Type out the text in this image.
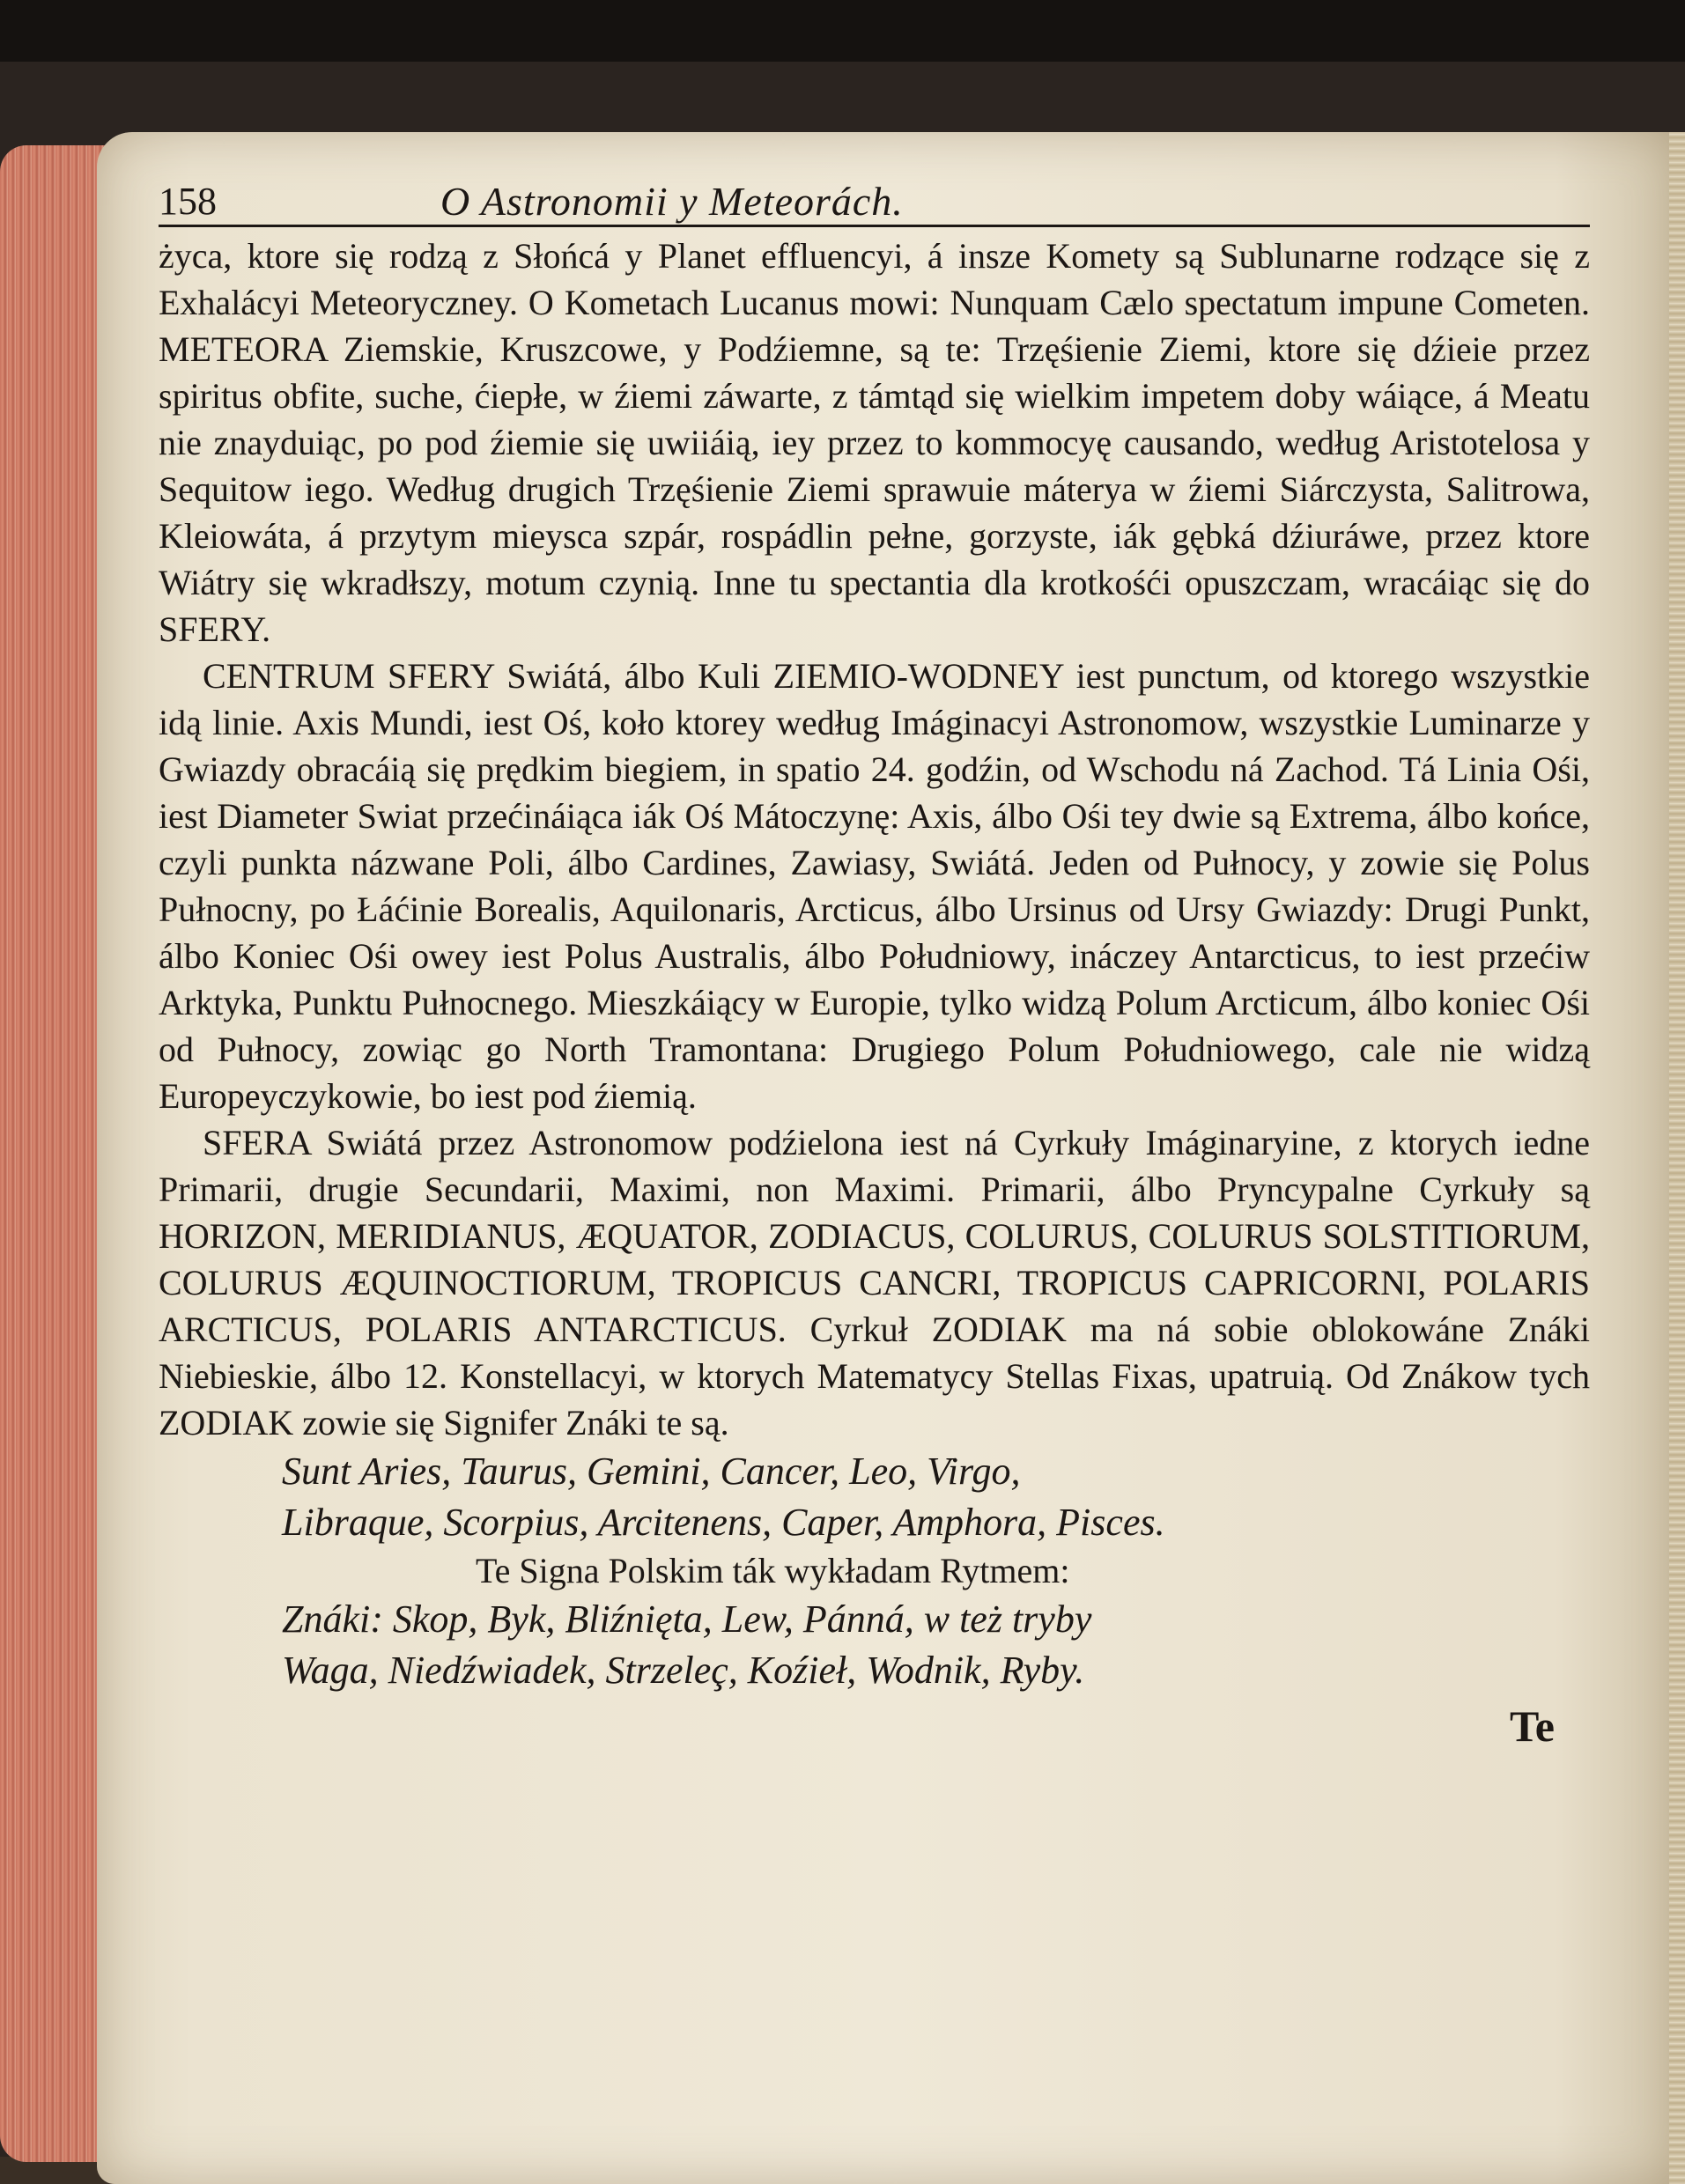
158	O Astronomii y Meteorách.

życa, ktore się rodzą z Słońcá y Planet effluencyi, á insze Komety są Sublunarne rodzące się z Exhalácyi Meteoryczney. O Kometach Lucanus mowi: Nunquam Cælo spectatum impune Cometen. METEORA Ziemskie, Kruszcowe, y Podźiemne, są te: Trzęśienie Ziemi, ktore się dźieie przez spiritus obfite, suche, ćiepłe, w źiemi záwarte, z támtąd się wielkim impetem doby wáiące, á Meatu nie znayduiąc, po pod źiemie się uwiiáią, iey przez to kommocyę causando, według Aristotelosa y Sequitow iego. Według drugich Trzęśienie Ziemi sprawuie máterya w źiemi Siárczysta, Salitrowa, Kleiowáta, á przytym mieysca szpár, rospádlin pełne, gorzyste, iák gębká dźiuráwe, przez ktore Wiátry się wkradłszy, motum czynią. Inne tu spectantia dla krotkośći opuszczam, wracáiąc się do SFERY.

CENTRUM SFERY Swiátá, álbo Kuli ZIEMIO-WODNEY iest punctum, od ktorego wszystkie idą linie. Axis Mundi, iest Oś, koło ktorey według Imáginacyi Astronomow, wszystkie Luminarze y Gwiazdy obracáią się prędkim biegiem, in spatio 24. godźin, od Wschodu ná Zachod. Tá Linia Ośi, iest Diameter Swiat przećináiąca iák Oś Mátoczynę: Axis, álbo Ośi tey dwie są Extrema, álbo końce, czyli punkta názwane Poli, álbo Cardines, Zawiasy, Swiátá. Jeden od Pułnocy, y zowie się Polus Pułnocny, po Łáćinie Borealis, Aquilonaris, Arcticus, álbo Ursinus od Ursy Gwiazdy: Drugi Punkt, álbo Koniec Ośi owey iest Polus Australis, álbo Południowy, ináczey Antarcticus, to iest przećiw Arktyka, Punktu Pułnocnego. Mieszkáiący w Europie, tylko widzą Polum Arcticum, álbo koniec Ośi od Pułnocy, zowiąc go North Tramontana: Drugiego Polum Południowego, cale nie widzą Europeyczykowie, bo iest pod źiemią.

SFERA Swiátá przez Astronomow podźielona iest ná Cyrkuły Imáginaryine, z ktorych iedne Primarii, drugie Secundarii, Maximi, non Maximi. Primarii, álbo Pryncypalne Cyrkuły są HORIZON, MERIDIANUS, ÆQUATOR, ZODIACUS, COLURUS, COLURUS SOLSTITIORUM, COLURUS ÆQUINOCTIORUM, TROPICUS CANCRI, TROPICUS CAPRICORNI, POLARIS ARCTICUS, POLARIS ANTARCTICUS. Cyrkuł ZODIAK ma ná sobie oblokowáne Znáki Niebieskie, álbo 12. Konstellacyi, w ktorych Matematycy Stellas Fixas, upatruią. Od Znákow tych ZODIAK zowie się Signifer Znáki te są.

Sunt Aries, Taurus, Gemini, Cancer, Leo, Virgo,

Libraque, Scorpius, Arcitenens, Caper, Amphora, Pisces.

Te Signa Polskim ták wykładam Rytmem:

Znáki: Skop, Byk, Bliźnięta, Lew, Pánná, w też tryby

Waga, Niedźwiadek, Strzeleç, Koźieł, Wodnik, Ryby.

Te
